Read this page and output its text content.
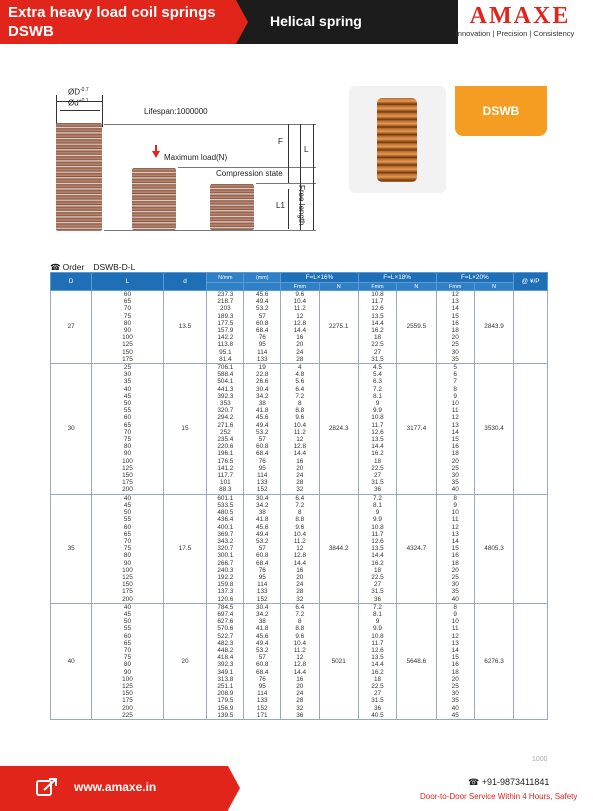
Extra heavy load coil springs
DSWB
Helical spring	AMAXE
Innovation | Precision | Consistency
$ØD^{-0.7}$
$Ød^{+0.1}$
Lifespan:1000000
Maximum load(N)
Compression state
F
L1
L
Free length
DSWB
☎ Order DSWB-D-L
D	L	d	N/mm	(mm)	F=L×16%		F=L×18%		F=L×20%		@ ¥/P
					Fmm	N	Fmm	N	Fmm	N	
27	60	13.5	237.3	45.6	9.6	2275.1	10.8	2559.5	12	2843.9	
	65		218.7	49.4	10.4		11.7		13		
	70		203	53.2	11.2		12.6		14		
	75		189.3	57	12		13.5		15		
	80		177.5	60.8	12.8		14.4		16		
	90		157.9	68.4	14.4		16.2		18		
	100		142.2	76	16		18		20		
	125		113.8	95	20		22.5		25		
	150		95.1	114	24		27		30		
	175		81.4	133	28		31.5		35		
30	25	15	706.1	19	4	2824.3	4.5	3177.4	5	3530.4	
	30		588.4	22.8	4.8		5.4		6		
	35		504.1	26.6	5.6		6.3		7		
	40		441.3	30.4	6.4		7.2		8		
	45		392.3	34.2	7.2		8.1		9		
	50		353	38	8		9		10		
	55		320.7	41.8	8.8		9.9		11		
	60		294.2	45.6	9.6		10.8		12		
	65		271.6	49.4	10.4		11.7		13		
	70		252	53.2	11.2		12.6		14		
	75		235.4	57	12		13.5		15		
	80		220.6	60.8	12.8		14.4		16		
	90		196.1	68.4	14.4		16.2		18		
	100		176.5	76	16		18		20		
	125		141.2	95	20		22.5		25		
	150		117.7	114	24		27		30		
	175		101	133	28		31.5		35		
	200		88.3	152	32		36		40		
35	40	17.5	601.1	30.4	6.4	3844.2	7.2	4324.7	8	4805.3	
	45		533.5	34.2	7.2		8.1		9		
	50		480.5	38	8		9		10		
	55		436.4	41.8	8.8		9.9		11		
	60		400.1	45.6	9.6		10.8		12		
	65		369.7	49.4	10.4		11.7		13		
	70		343.2	53.2	11.2		12.6		14		
	75		320.7	57	12		13.5		15		
	80		300.1	60.8	12.8		14.4		16		
	90		266.7	68.4	14.4		16.2		18		
	100		240.3	76	16		18		20		
	125		192.2	95	20		22.5		25		
	150		159.8	114	24		27		30		
	175		137.3	133	28		31.5		35		
	200		120.6	152	32		36		40		
40	40	20	784.5	30.4	6.4	5021	7.2	5648.6	8	6276.3	
	45		697.4	34.2	7.2		8.1		9		
	50		627.6	38	8		9		10		
	55		570.6	41.8	8.8		9.9		11		
	60		522.7	45.6	9.6		10.8		12		
	65		482.3	49.4	10.4		11.7		13		
	70		448.2	53.2	11.2		12.6		14		
	75		418.4	57	12		13.5		15		
	80		392.3	60.8	12.8		14.4		16		
	90		349.1	68.4	14.4		16.2		18		
	100		313.8	76	16		18		20		
	125		251.1	95	20		22.5		25		
	150		208.9	114	24		27		30		
	175		179.5	133	28		31.5		35		
	200		156.9	152	32		36		40		
	225		139.5	171	36		40.5		45		
1000
www.amaxe.in	☎ +91-9873411841
Door-to-Door Service Within 4 Hours, Safety
